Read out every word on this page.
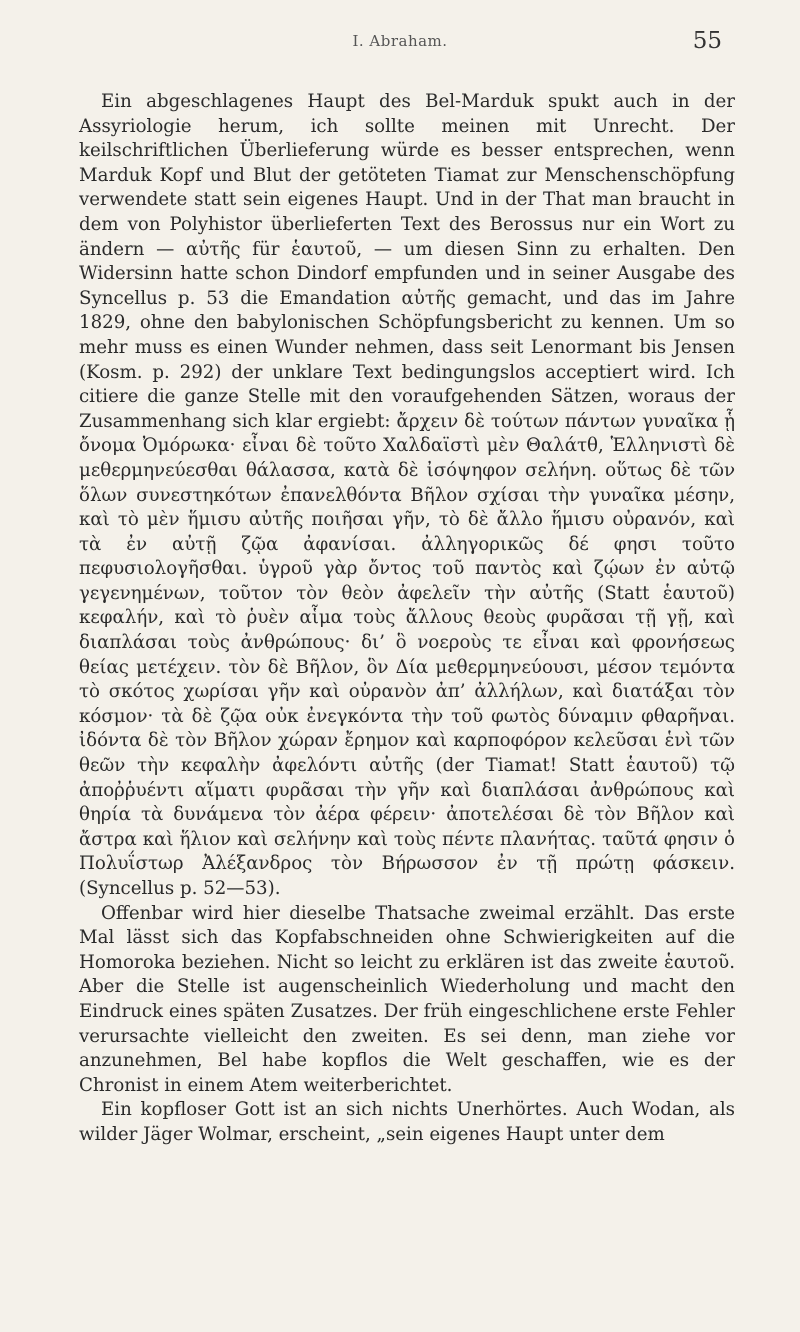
I. Abraham.	55

Ein abgeschlagenes Haupt des Bel-Marduk spukt auch in der Assyriologie herum, ich sollte meinen mit Unrecht. Der keilschriftlichen Überlieferung würde es besser entsprechen, wenn Marduk Kopf und Blut der getöteten Tiamat zur Menschenschöpfung verwendete statt sein eigenes Haupt. Und in der That man braucht in dem von Polyhistor überlieferten Text des Berossus nur ein Wort zu ändern — αὐτῆς für ἑαυτοῦ, — um diesen Sinn zu erhalten. Den Widersinn hatte schon Dindorf empfunden und in seiner Ausgabe des Syncellus p. 53 die Emandation αὐτῆς gemacht, und das im Jahre 1829, ohne den babylonischen Schöpfungsbericht zu kennen. Um so mehr muss es einen Wunder nehmen, dass seit Lenormant bis Jensen (Kosm. p. 292) der unklare Text bedingungslos acceptiert wird. Ich citiere die ganze Stelle mit den voraufgehenden Sätzen, woraus der Zusammenhang sich klar ergiebt: ἄρχειν δὲ τούτων πάντων γυναῖκα ᾗ ὄνομα Ὀμόρωκα· εἶναι δὲ τοῦτο Χαλδαϊστὶ μὲν Θαλάτθ, Ἑλληνιστὶ δὲ μεθερμηνεύεσθαι θάλασσα, κατὰ δὲ ἰσόψηφον σελήνη. οὕτως δὲ τῶν ὅλων συνεστηκότων ἐπανελθόντα Βῆλον σχίσαι τὴν γυναῖκα μέσην, καὶ τὸ μὲν ἥμισυ αὐτῆς ποιῆσαι γῆν, τὸ δὲ ἄλλο ἥμισυ οὐρανόν, καὶ τὰ ἐν αὐτῇ ζῷα ἀφανίσαι. ἀλληγορικῶς δέ φησι τοῦτο πεφυσιολογῆσθαι. ὑγροῦ γὰρ ὄντος τοῦ παντὸς καὶ ζῴων ἐν αὐτῷ γεγενημένων, τοῦτον τὸν θεὸν ἀφελεῖν τὴν αὐτῆς (Statt ἑαυτοῦ) κεφαλήν, καὶ τὸ ῥυὲν αἷμα τοὺς ἄλλους θεοὺς φυρᾶσαι τῇ γῇ, καὶ διαπλάσαι τοὺς ἀνθρώπους· δι’ ὃ νοεροὺς τε εἶναι καὶ φρονήσεως θείας μετέχειν. τὸν δὲ Βῆλον, ὃν Δία μεθερμηνεύουσι, μέσον τεμόντα τὸ σκότος χωρίσαι γῆν καὶ οὐρανὸν ἀπ’ ἀλλήλων, καὶ διατάξαι τὸν κόσμον· τὰ δὲ ζῷα οὐκ ἐνεγκόντα τὴν τοῦ φωτὸς δύναμιν φθαρῆναι. ἰδόντα δὲ τὸν Βῆλον χώραν ἔρημον καὶ καρποφόρον κελεῦσαι ἑνὶ τῶν θεῶν τὴν κεφαλὴν ἀφελόντι αὐτῆς (der Tiamat! Statt ἑαυτοῦ) τῷ ἀποῤῥυέντι αἵματι φυρᾶσαι τὴν γῆν καὶ διαπλάσαι ἀνθρώπους καὶ θηρία τὰ δυνάμενα τὸν ἀέρα φέρειν· ἀποτελέσαι δὲ τὸν Βῆλον καὶ ἄστρα καὶ ἥλιον καὶ σελήνην καὶ τοὺς πέντε πλανήτας. ταῦτά φησιν ὁ Πολυΐστωρ Ἀλέξανδρος τὸν Βήρωσσον ἐν τῇ πρώτῃ φάσκειν. (Syncellus p. 52—53).

Offenbar wird hier dieselbe Thatsache zweimal erzählt. Das erste Mal lässt sich das Kopfabschneiden ohne Schwierigkeiten auf die Homoroka beziehen. Nicht so leicht zu erklären ist das zweite ἑαυτοῦ. Aber die Stelle ist augenscheinlich Wiederholung und macht den Eindruck eines späten Zusatzes. Der früh eingeschlichene erste Fehler verursachte vielleicht den zweiten. Es sei denn, man ziehe vor anzunehmen, Bel habe kopflos die Welt geschaffen, wie es der Chronist in einem Atem weiterberichtet.

Ein kopfloser Gott ist an sich nichts Unerhörtes. Auch Wodan, als wilder Jäger Wolmar, erscheint, „sein eigenes Haupt unter dem
